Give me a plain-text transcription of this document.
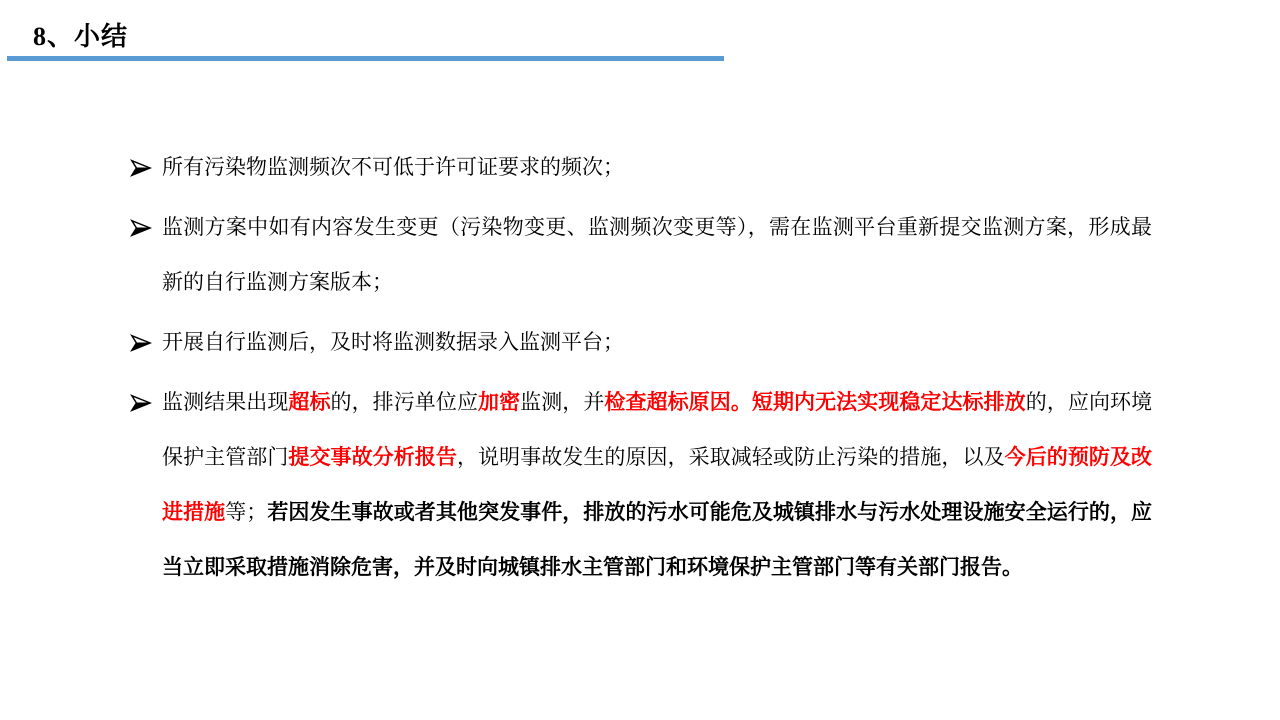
8、小结
所有污染物监测频次不可低于许可证要求的频次；
监测方案中如有内容发生变更（污染物变更、监测频次变更等），需在监测平台重新提交监测方案，形成最新的自行监测方案版本；
开展自行监测后，及时将监测数据录入监测平台；
监测结果出现超标的，排污单位应加密监测，并检查超标原因。短期内无法实现稳定达标排放的，应向环境保护主管部门提交事故分析报告，说明事故发生的原因，采取减轻或防止污染的措施，以及今后的预防及改进措施等；若因发生事故或者其他突发事件，排放的污水可能危及城镇排水与污水处理设施安全运行的，应当立即采取措施消除危害，并及时向城镇排水主管部门和环境保护主管部门等有关部门报告。
